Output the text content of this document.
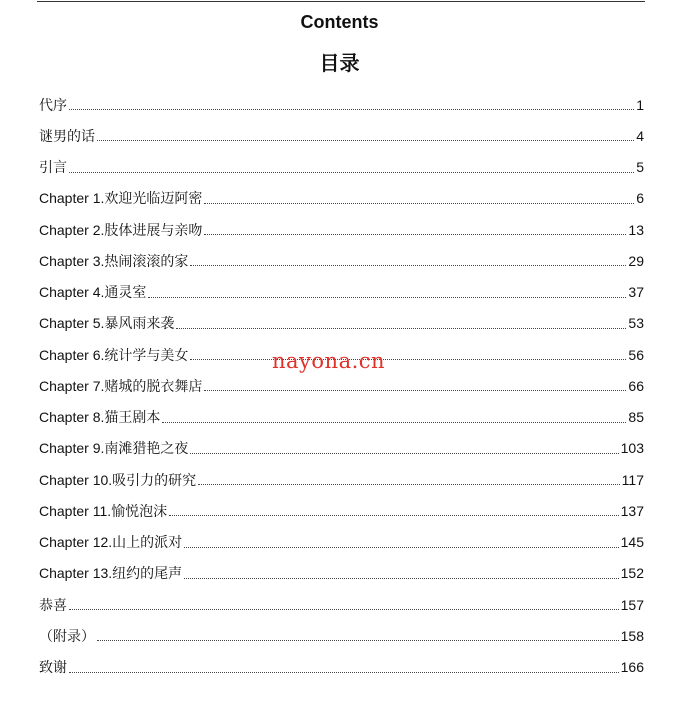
Contents
目录
代序	1
谜男的话	4
引言	5
Chapter 1.欢迎光临迈阿密	6
Chapter 2.肢体进展与亲吻	13
Chapter 3.热闹滚滚的家	29
Chapter 4.通灵室	37
Chapter 5.暴风雨来袭	53
Chapter 6.统计学与美女	56
Chapter 7.赌城的脱衣舞店	66
Chapter 8.猫王剧本	85
Chapter 9.南滩猎艳之夜	103
Chapter 10.吸引力的研究	117
Chapter 11.愉悦泡沫	137
Chapter 12.山上的派对	145
Chapter 13.纽约的尾声	152
恭喜	157
（附录）	158
致谢	166
nayona.cn
